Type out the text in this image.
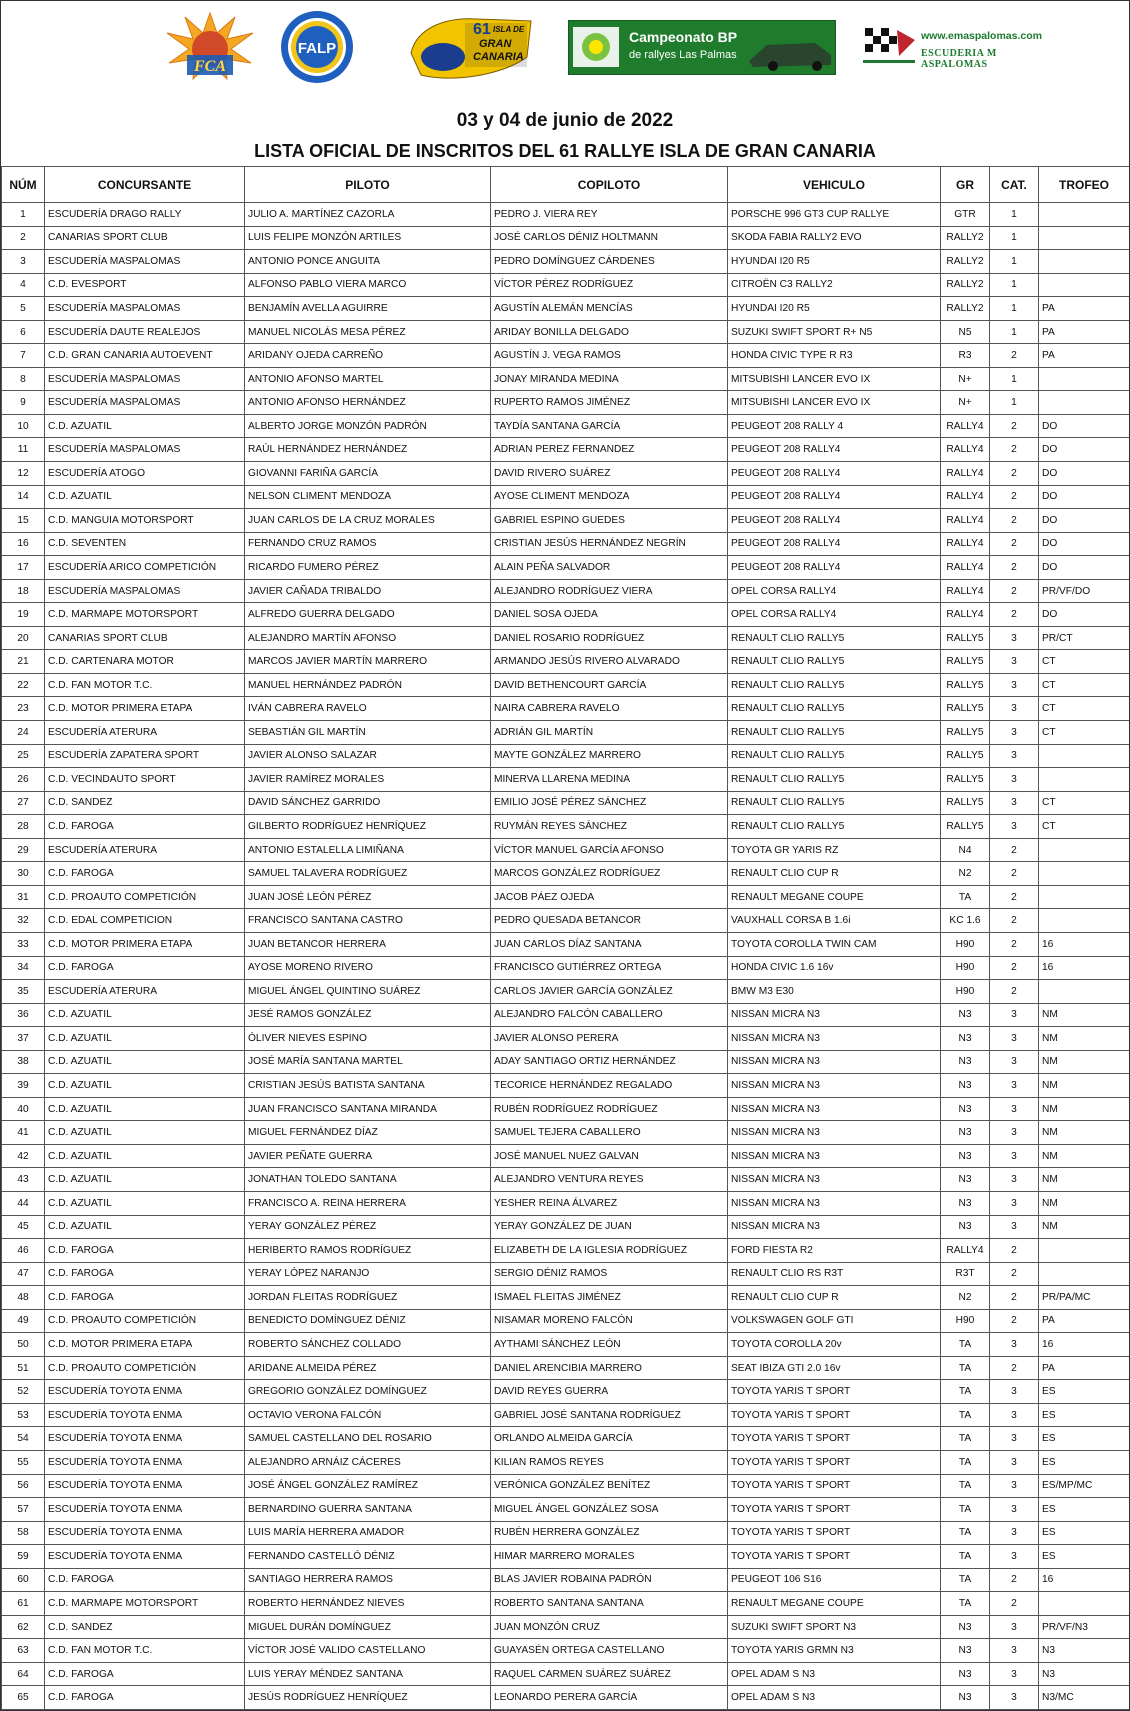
FCA
FALP
61 ISLA DE
GRAN
CANARIA
Campeonato BP
de rallyes Las Palmas
www.emaspalomas.com
ESCUDERIA M ASPALOMAS
03 y 04 de junio de 2022
LISTA OFICIAL DE INSCRITOS DEL 61 RALLYE ISLA DE GRAN CANARIA
NÚM	CONCURSANTE	PILOTO	COPILOTO	VEHICULO	GR	CAT.	TROFEO
1	ESCUDERÍA DRAGO RALLY	JULIO A. MARTÍNEZ CAZORLA	PEDRO J. VIERA REY	PORSCHE 996 GT3 CUP RALLYE	GTR	1	
2	CANARIAS SPORT CLUB	LUIS FELIPE MONZÓN ARTILES	JOSÉ CARLOS DÉNIZ HOLTMANN	SKODA FABIA RALLY2 EVO	RALLY2	1	
3	ESCUDERÍA MASPALOMAS	ANTONIO PONCE ANGUITA	PEDRO DOMÍNGUEZ CÁRDENES	HYUNDAI I20 R5	RALLY2	1	
4	C.D. EVESPORT	ALFONSO PABLO VIERA MARCO	VÍCTOR PÉREZ RODRÍGUEZ	CITROËN C3 RALLY2	RALLY2	1	
5	ESCUDERÍA MASPALOMAS	BENJAMÍN AVELLA AGUIRRE	AGUSTÍN ALEMÁN MENCÍAS	HYUNDAI I20 R5	RALLY2	1	PA
6	ESCUDERÍA DAUTE REALEJOS	MANUEL NICOLÁS MESA PÉREZ	ARIDAY BONILLA DELGADO	SUZUKI SWIFT SPORT R+ N5	N5	1	PA
7	C.D. GRAN CANARIA AUTOEVENT	ARIDANY OJEDA CARREÑO	AGUSTÍN J. VEGA RAMOS	HONDA CIVIC TYPE R R3	R3	2	PA
8	ESCUDERÍA MASPALOMAS	ANTONIO AFONSO MARTEL	JONAY MIRANDA MEDINA	MITSUBISHI LANCER EVO IX	N+	1	
9	ESCUDERÍA MASPALOMAS	ANTONIO AFONSO HERNÁNDEZ	RUPERTO RAMOS JIMÉNEZ	MITSUBISHI LANCER EVO IX	N+	1	
10	C.D. AZUATIL	ALBERTO JORGE MONZÓN PADRÓN	TAYDÍA SANTANA GARCÍA	PEUGEOT 208 RALLY 4	RALLY4	2	DO
11	ESCUDERÍA MASPALOMAS	RAÚL HERNÁNDEZ HERNÁNDEZ	ADRIAN PEREZ FERNANDEZ	PEUGEOT 208 RALLY4	RALLY4	2	DO
12	ESCUDERÍA ATOGO	GIOVANNI FARIÑA GARCÍA	DAVID RIVERO SUÁREZ	PEUGEOT 208 RALLY4	RALLY4	2	DO
14	C.D. AZUATIL	NELSON CLIMENT MENDOZA	AYOSE CLIMENT MENDOZA	PEUGEOT 208 RALLY4	RALLY4	2	DO
15	C.D. MANGUIA MOTORSPORT	JUAN CARLOS DE LA CRUZ MORALES	GABRIEL ESPINO GUEDES	PEUGEOT 208 RALLY4	RALLY4	2	DO
16	C.D. SEVENTEN	FERNANDO CRUZ RAMOS	CRISTIAN JESÚS HERNÁNDEZ NEGRÍN	PEUGEOT 208 RALLY4	RALLY4	2	DO
17	ESCUDERÍA ARICO COMPETICIÓN	RICARDO FUMERO PÉREZ	ALAIN PEÑA SALVADOR	PEUGEOT 208 RALLY4	RALLY4	2	DO
18	ESCUDERÍA MASPALOMAS	JAVIER CAÑADA TRIBALDO	ALEJANDRO RODRÍGUEZ VIERA	OPEL CORSA RALLY4	RALLY4	2	PR/VF/DO
19	C.D. MARMAPE MOTORSPORT	ALFREDO GUERRA DELGADO	DANIEL SOSA OJEDA	OPEL CORSA RALLY4	RALLY4	2	DO
20	CANARIAS SPORT CLUB	ALEJANDRO MARTÍN AFONSO	DANIEL ROSARIO RODRÍGUEZ	RENAULT CLIO RALLY5	RALLY5	3	PR/CT
21	C.D. CARTENARA MOTOR	MARCOS JAVIER MARTÍN MARRERO	ARMANDO JESÚS RIVERO ALVARADO	RENAULT CLIO RALLY5	RALLY5	3	CT
22	C.D. FAN MOTOR T.C.	MANUEL HERNÁNDEZ PADRÓN	DAVID BETHENCOURT GARCÍA	RENAULT CLIO RALLY5	RALLY5	3	CT
23	C.D. MOTOR PRIMERA ETAPA	IVÁN CABRERA RAVELO	NAIRA CABRERA RAVELO	RENAULT CLIO RALLY5	RALLY5	3	CT
24	ESCUDERÍA ATERURA	SEBASTIÁN GIL MARTÍN	ADRIÁN GIL MARTÍN	RENAULT CLIO RALLY5	RALLY5	3	CT
25	ESCUDERÍA ZAPATERA SPORT	JAVIER ALONSO SALAZAR	MAYTE GONZÁLEZ MARRERO	RENAULT CLIO RALLY5	RALLY5	3	
26	C.D. VECINDAUTO SPORT	JAVIER RAMÍREZ MORALES	MINERVA LLARENA MEDINA	RENAULT CLIO RALLY5	RALLY5	3	
27	C.D. SANDEZ	DAVID SÁNCHEZ GARRIDO	EMILIO JOSÉ PÉREZ SÁNCHEZ	RENAULT CLIO RALLY5	RALLY5	3	CT
28	C.D. FAROGA	GILBERTO RODRÍGUEZ HENRÍQUEZ	RUYMÁN REYES SÁNCHEZ	RENAULT CLIO RALLY5	RALLY5	3	CT
29	ESCUDERÍA ATERURA	ANTONIO ESTALELLA LIMIÑANA	VÍCTOR MANUEL GARCÍA AFONSO	TOYOTA GR YARIS RZ	N4	2	
30	C.D. FAROGA	SAMUEL TALAVERA RODRÍGUEZ	MARCOS GONZÁLEZ RODRÍGUEZ	RENAULT CLIO CUP R	N2	2	
31	C.D. PROAUTO COMPETICIÓN	JUAN JOSÉ LEÓN PÉREZ	JACOB PÁEZ OJEDA	RENAULT MEGANE COUPE	TA	2	
32	C.D. EDAL COMPETICION	FRANCISCO SANTANA CASTRO	PEDRO QUESADA BETANCOR	VAUXHALL CORSA B 1.6i	KC 1.6	2	
33	C.D. MOTOR PRIMERA ETAPA	JUAN BETANCOR HERRERA	JUAN CARLOS DÍAZ SANTANA	TOYOTA COROLLA TWIN CAM	H90	2	16
34	C.D. FAROGA	AYOSE MORENO RIVERO	FRANCISCO GUTIÉRREZ ORTEGA	HONDA CIVIC 1.6 16v	H90	2	16
35	ESCUDERÍA ATERURA	MIGUEL ÁNGEL QUINTINO SUÁREZ	CARLOS JAVIER GARCÍA GONZÁLEZ	BMW M3 E30	H90	2	
36	C.D. AZUATIL	JESÉ RAMOS GONZÁLEZ	ALEJANDRO FALCÓN CABALLERO	NISSAN MICRA N3	N3	3	NM
37	C.D. AZUATIL	ÓLIVER NIEVES ESPINO	JAVIER ALONSO PERERA	NISSAN MICRA N3	N3	3	NM
38	C.D. AZUATIL	JOSÉ MARÍA SANTANA MARTEL	ADAY SANTIAGO ORTIZ HERNÁNDEZ	NISSAN MICRA N3	N3	3	NM
39	C.D. AZUATIL	CRISTIAN JESÚS BATISTA SANTANA	TECORICE HERNÁNDEZ REGALADO	NISSAN MICRA N3	N3	3	NM
40	C.D. AZUATIL	JUAN FRANCISCO SANTANA MIRANDA	RUBÉN RODRÍGUEZ RODRÍGUEZ	NISSAN MICRA N3	N3	3	NM
41	C.D. AZUATIL	MIGUEL FERNÁNDEZ DÍAZ	SAMUEL TEJERA CABALLERO	NISSAN MICRA N3	N3	3	NM
42	C.D. AZUATIL	JAVIER PEÑATE GUERRA	JOSÉ MANUEL NUEZ GALVAN	NISSAN MICRA N3	N3	3	NM
43	C.D. AZUATIL	JONATHAN TOLEDO SANTANA	ALEJANDRO VENTURA REYES	NISSAN MICRA N3	N3	3	NM
44	C.D. AZUATIL	FRANCISCO A. REINA HERRERA	YESHER REINA ÁLVAREZ	NISSAN MICRA N3	N3	3	NM
45	C.D. AZUATIL	YERAY GONZÁLEZ PÉREZ	YERAY GONZÁLEZ DE JUAN	NISSAN MICRA N3	N3	3	NM
46	C.D. FAROGA	HERIBERTO RAMOS RODRÍGUEZ	ELIZABETH DE LA IGLESIA RODRÍGUEZ	FORD FIESTA R2	RALLY4	2	
47	C.D. FAROGA	YERAY LÓPEZ NARANJO	SERGIO DÉNIZ RAMOS	RENAULT CLIO RS R3T	R3T	2	
48	C.D. FAROGA	JORDAN FLEITAS RODRÍGUEZ	ISMAEL FLEITAS JIMÉNEZ	RENAULT CLIO CUP R	N2	2	PR/PA/MC
49	C.D. PROAUTO COMPETICIÓN	BENEDICTO DOMÍNGUEZ DÉNIZ	NISAMAR MORENO FALCÓN	VOLKSWAGEN GOLF GTI	H90	2	PA
50	C.D. MOTOR PRIMERA ETAPA	ROBERTO SÁNCHEZ COLLADO	AYTHAMI SÁNCHEZ LEÓN	TOYOTA COROLLA 20v	TA	3	16
51	C.D. PROAUTO COMPETICIÓN	ARIDANE ALMEIDA PÉREZ	DANIEL ARENCIBIA MARRERO	SEAT IBIZA GTI 2.0 16v	TA	2	PA
52	ESCUDERÍA TOYOTA ENMA	GREGORIO GONZÁLEZ DOMÍNGUEZ	DAVID REYES GUERRA	TOYOTA YARIS T SPORT	TA	3	ES
53	ESCUDERÍA TOYOTA ENMA	OCTAVIO VERONA FALCÓN	GABRIEL JOSÉ SANTANA RODRÍGUEZ	TOYOTA YARIS T SPORT	TA	3	ES
54	ESCUDERÍA TOYOTA ENMA	SAMUEL CASTELLANO DEL ROSARIO	ORLANDO ALMEIDA GARCÍA	TOYOTA YARIS T SPORT	TA	3	ES
55	ESCUDERÍA TOYOTA ENMA	ALEJANDRO ARNÁIZ CÁCERES	KILIAN RAMOS REYES	TOYOTA YARIS T SPORT	TA	3	ES
56	ESCUDERÍA TOYOTA ENMA	JOSÉ ÁNGEL GONZÁLEZ RAMÍREZ	VERÓNICA GONZÁLEZ BENÍTEZ	TOYOTA YARIS T SPORT	TA	3	ES/MP/MC
57	ESCUDERÍA TOYOTA ENMA	BERNARDINO GUERRA SANTANA	MIGUEL ÁNGEL GONZÁLEZ SOSA	TOYOTA YARIS T SPORT	TA	3	ES
58	ESCUDERÍA TOYOTA ENMA	LUIS MARÍA HERRERA AMADOR	RUBÉN HERRERA GONZÁLEZ	TOYOTA YARIS T SPORT	TA	3	ES
59	ESCUDERÍA TOYOTA ENMA	FERNANDO CASTELLÓ DÉNIZ	HIMAR MARRERO MORALES	TOYOTA YARIS T SPORT	TA	3	ES
60	C.D. FAROGA	SANTIAGO HERRERA RAMOS	BLAS JAVIER ROBAINA PADRÓN	PEUGEOT 106 S16	TA	2	16
61	C.D. MARMAPE MOTORSPORT	ROBERTO HERNÁNDEZ NIEVES	ROBERTO SANTANA SANTANA	RENAULT MEGANE COUPE	TA	2	
62	C.D. SANDEZ	MIGUEL DURÁN DOMÍNGUEZ	JUAN MONZÓN CRUZ	SUZUKI SWIFT SPORT N3	N3	3	PR/VF/N3
63	C.D. FAN MOTOR T.C.	VÍCTOR JOSÉ VALIDO CASTELLANO	GUAYASÉN ORTEGA CASTELLANO	TOYOTA YARIS GRMN N3	N3	3	N3
64	C.D. FAROGA	LUIS YERAY MÉNDEZ SANTANA	RAQUEL CARMEN SUÁREZ SUÁREZ	OPEL ADAM S N3	N3	3	N3
65	C.D. FAROGA	JESÚS RODRÍGUEZ HENRÍQUEZ	LEONARDO PERERA GARCÍA	OPEL ADAM S N3	N3	3	N3/MC
